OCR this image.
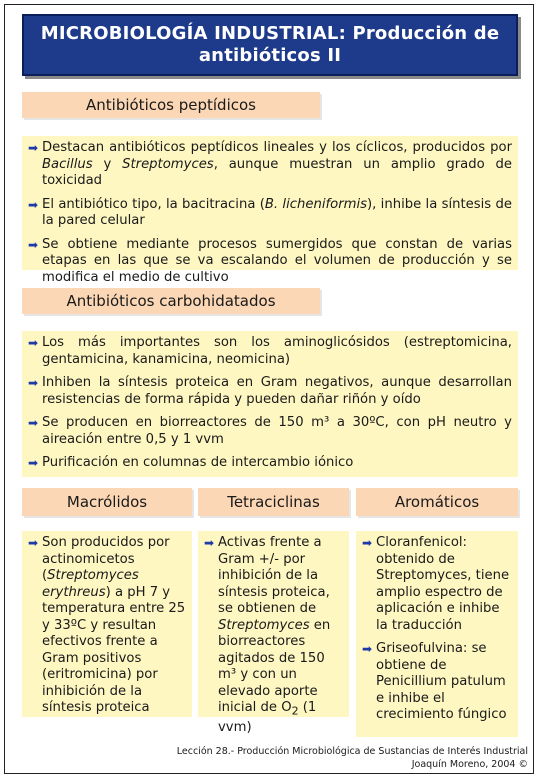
MICROBIOLOGÍA INDUSTRIAL: Producción de
antibióticos II
Antibióticos peptídicos
➡ Destacan antibióticos peptídicos lineales y los cíclicos, producidos por Bacillus y Streptomyces, aunque muestran un amplio grado de toxicidad
➡ El antibiótico tipo, la bacitracina (B. licheniformis), inhibe la síntesis de la pared celular
➡ Se obtiene mediante procesos sumergidos que constan de varias etapas en las que se va escalando el volumen de producción y se modifica el medio de cultivo
Antibióticos carbohidatados
➡ Los más importantes son los aminoglicósidos (estreptomicina, gentamicina, kanamicina, neomicina)
➡ Inhiben la síntesis proteica en Gram negativos, aunque desarrollan resistencias de forma rápida y pueden dañar riñón y oído
➡ Se producen en biorreactores de 150 m³ a 30ºC, con pH neutro y aireación entre 0,5 y 1 vvm
➡ Purificación en columnas de intercambio iónico
Macrólidos	Tetraciclinas	Aromáticos
➡ Son producidos por actinomicetos (Streptomyces erythreus) a pH 7 y temperatura entre 25 y 33ºC y resultan efectivos frente a Gram positivos (eritromicina) por inhibición de la síntesis proteica
➡ Activas frente a Gram +/- por inhibición de la síntesis proteica, se obtienen de Streptomyces en biorreactores agitados de 150 m³ y con un elevado aporte inicial de $O_2$ (1 vvm)
➡ Cloranfenicol: obtenido de Streptomyces, tiene amplio espectro de aplicación e inhibe la traducción
➡ Griseofulvina: se obtiene de Penicillium patulum e inhibe el crecimiento fúngico
Lección 28.- Producción Microbiológica de Sustancias de Interés Industrial
Joaquín Moreno, 2004 ©
